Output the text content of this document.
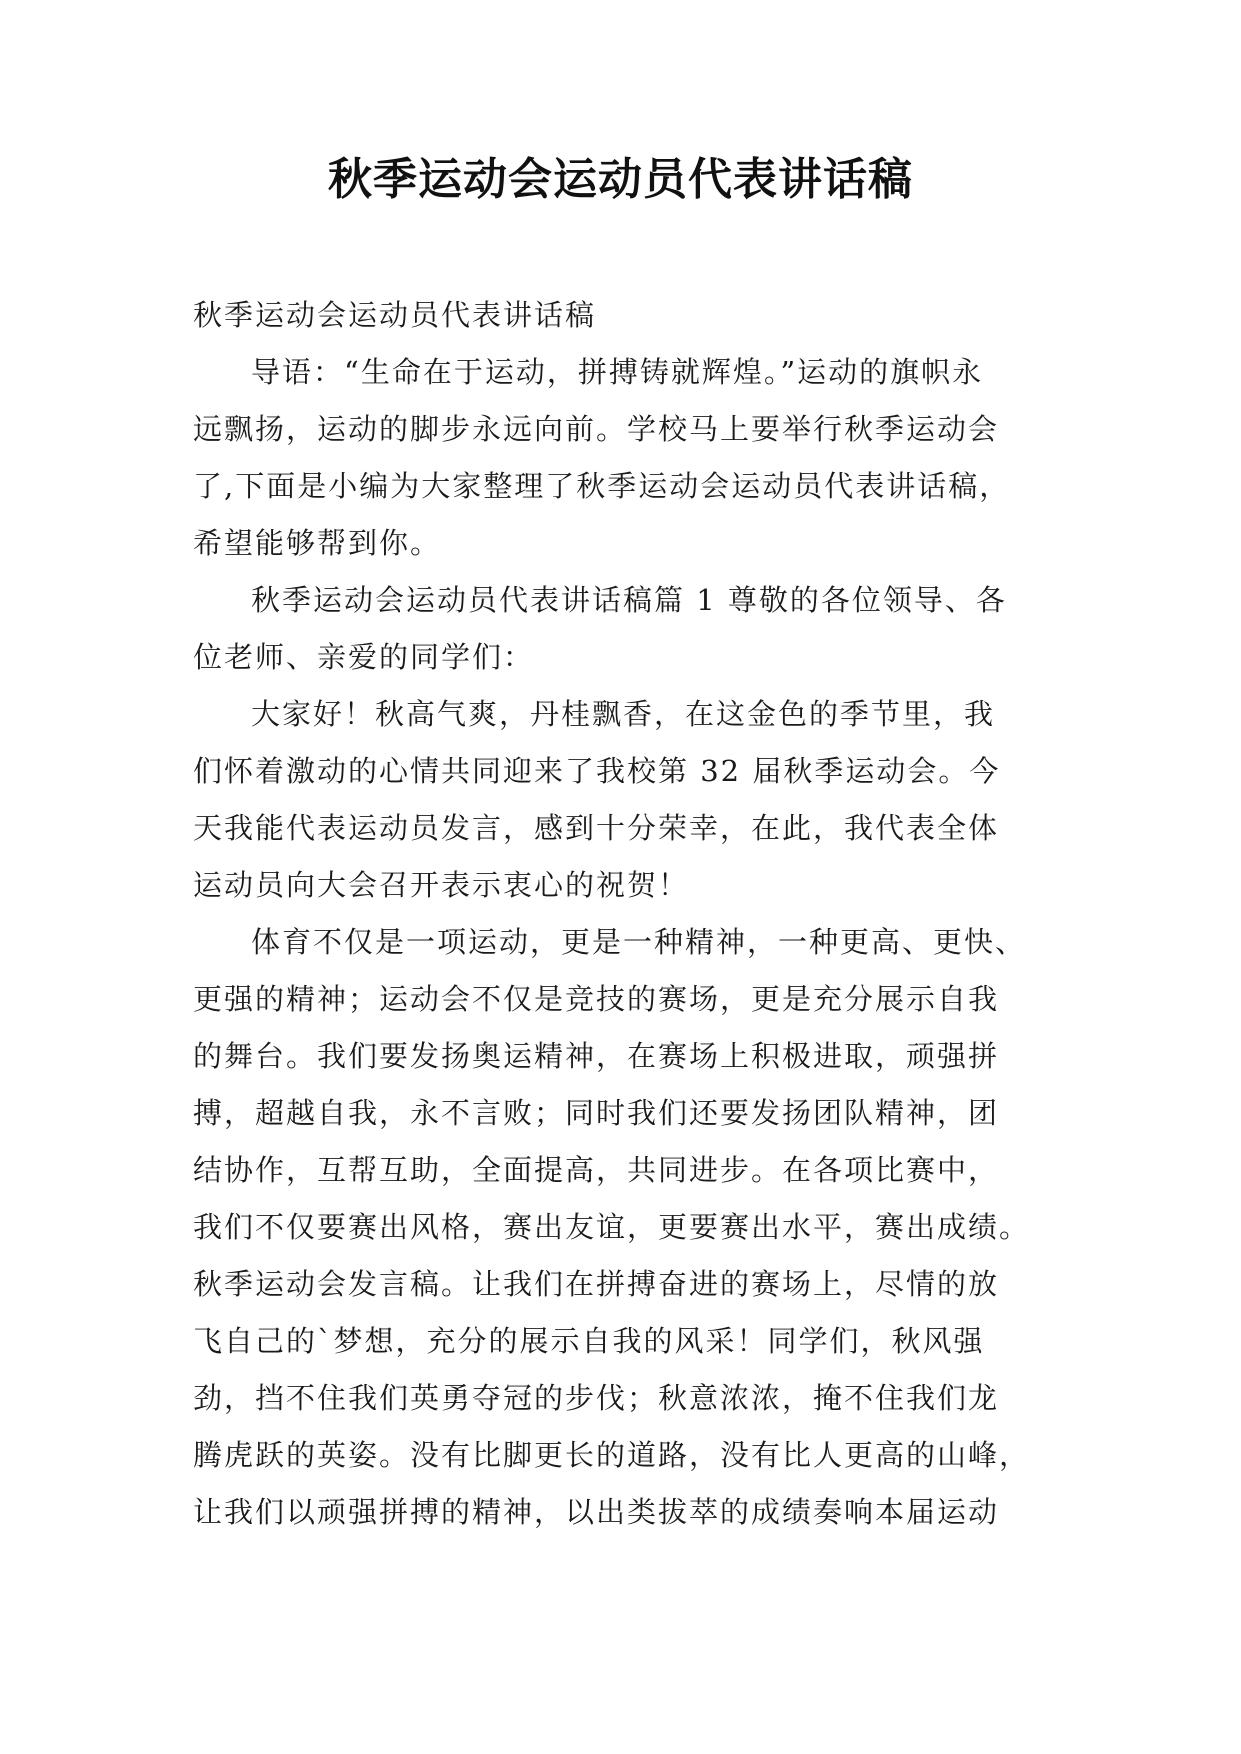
秋季运动会运动员代表讲话稿
秋季运动会运动员代表讲话稿
导语：“生命在于运动，拼搏铸就辉煌。”运动的旗帜永
远飘扬，运动的脚步永远向前。学校马上要举行秋季运动会
了,下面是小编为大家整理了秋季运动会运动员代表讲话稿，
希望能够帮到你。
秋季运动会运动员代表讲话稿篇 1 尊敬的各位领导、各
位老师、亲爱的同学们：
大家好！秋高气爽，丹桂飘香，在这金色的季节里，我
们怀着激动的心情共同迎来了我校第 32 届秋季运动会。今
天我能代表运动员发言，感到十分荣幸，在此，我代表全体
运动员向大会召开表示衷心的祝贺！
体育不仅是一项运动，更是一种精神，一种更高、更快、
更强的精神；运动会不仅是竞技的赛场，更是充分展示自我
的舞台。我们要发扬奥运精神，在赛场上积极进取，顽强拼
搏，超越自我，永不言败；同时我们还要发扬团队精神，团
结协作，互帮互助，全面提高，共同进步。在各项比赛中，
我们不仅要赛出风格，赛出友谊，更要赛出水平，赛出成绩。
秋季运动会发言稿。让我们在拼搏奋进的赛场上，尽情的放
飞自己的`梦想，充分的展示自我的风采！同学们，秋风强
劲，挡不住我们英勇夺冠的步伐；秋意浓浓，掩不住我们龙
腾虎跃的英姿。没有比脚更长的道路，没有比人更高的山峰，
让我们以顽强拼搏的精神，以出类拔萃的成绩奏响本届运动
